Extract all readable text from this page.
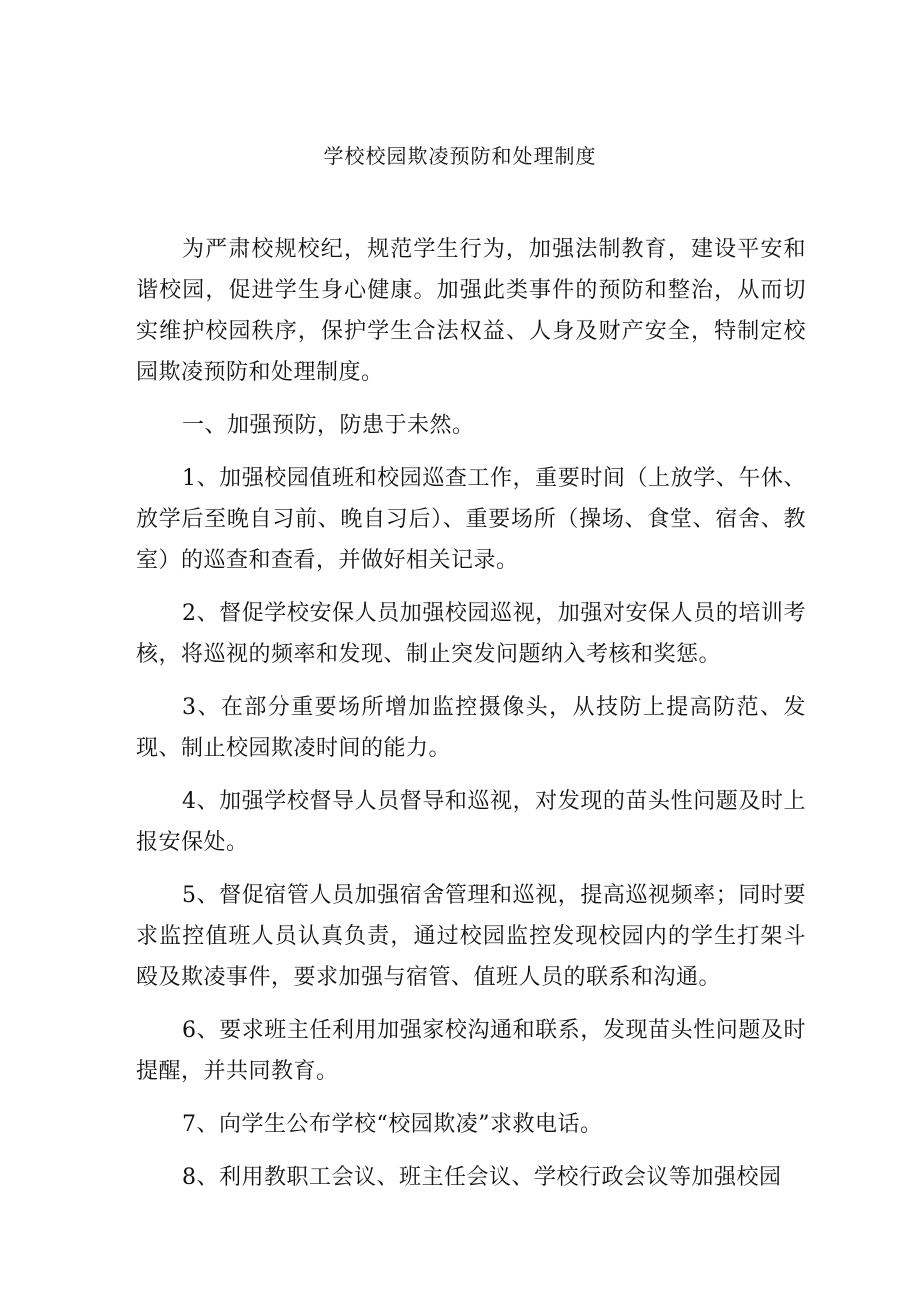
学校校园欺凌预防和处理制度

为严肃校规校纪，规范学生行为，加强法制教育，建设平安和谐校园，促进学生身心健康。加强此类事件的预防和整治，从而切实维护校园秩序，保护学生合法权益、人身及财产安全，特制定校园欺凌预防和处理制度。

一、加强预防，防患于未然。

1、加强校园值班和校园巡查工作，重要时间（上放学、午休、放学后至晚自习前、晚自习后）、重要场所（操场、食堂、宿舍、教室）的巡查和查看，并做好相关记录。

2、督促学校安保人员加强校园巡视，加强对安保人员的培训考核，将巡视的频率和发现、制止突发问题纳入考核和奖惩。

3、在部分重要场所增加监控摄像头，从技防上提高防范、发现、制止校园欺凌时间的能力。

4、加强学校督导人员督导和巡视，对发现的苗头性问题及时上报安保处。

5、督促宿管人员加强宿舍管理和巡视，提高巡视频率；同时要求监控值班人员认真负责，通过校园监控发现校园内的学生打架斗殴及欺凌事件，要求加强与宿管、值班人员的联系和沟通。

6、要求班主任利用加强家校沟通和联系，发现苗头性问题及时提醒，并共同教育。

7、向学生公布学校“校园欺凌”求救电话。

8、利用教职工会议、班主任会议、学校行政会议等加强校园
